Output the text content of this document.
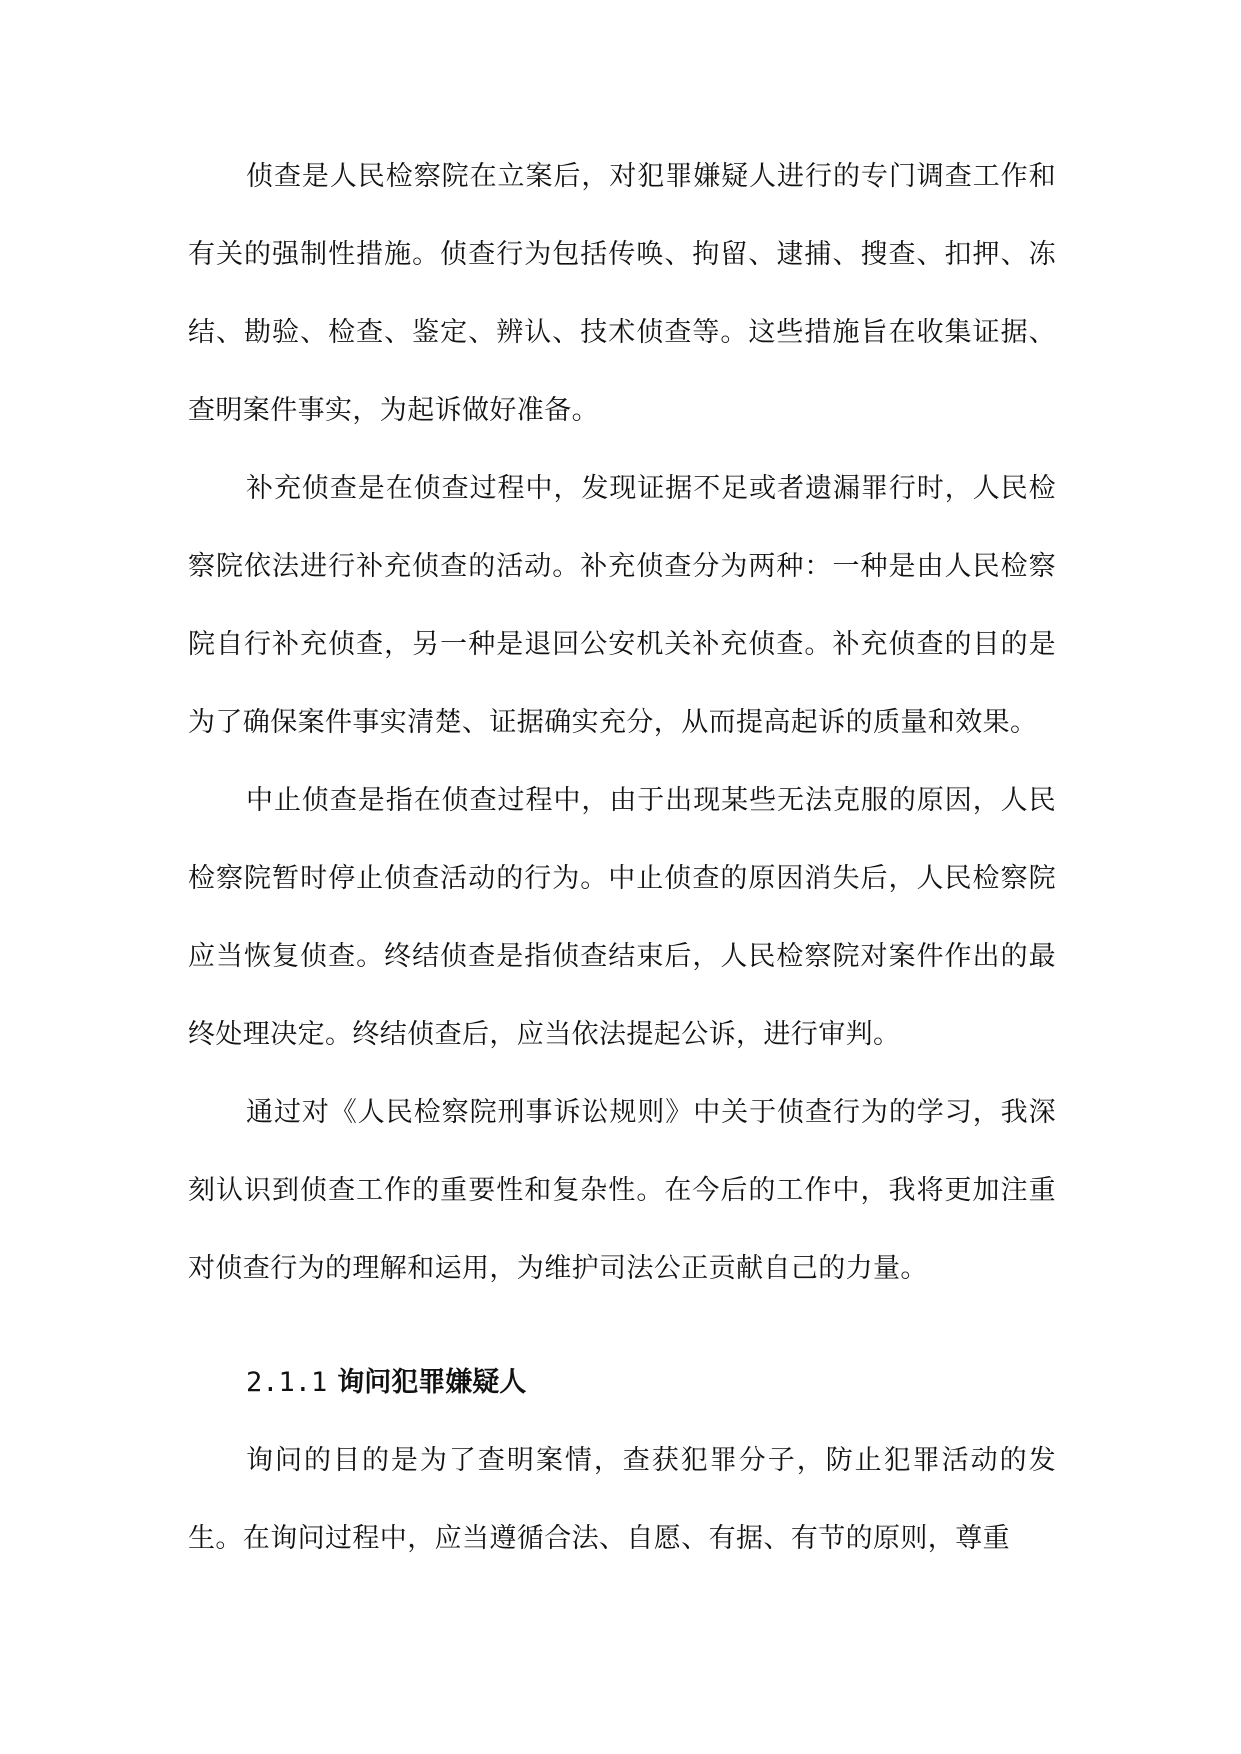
侦查是人民检察院在立案后，对犯罪嫌疑人进行的专门调查工作和有关的强制性措施。侦查行为包括传唤、拘留、逮捕、搜查、扣押、冻结、勘验、检查、鉴定、辨认、技术侦查等。这些措施旨在收集证据、查明案件事实，为起诉做好准备。

补充侦查是在侦查过程中，发现证据不足或者遗漏罪行时，人民检察院依法进行补充侦查的活动。补充侦查分为两种：一种是由人民检察院自行补充侦查，另一种是退回公安机关补充侦查。补充侦查的目的是为了确保案件事实清楚、证据确实充分，从而提高起诉的质量和效果。

中止侦查是指在侦查过程中，由于出现某些无法克服的原因，人民检察院暂时停止侦查活动的行为。中止侦查的原因消失后，人民检察院应当恢复侦查。终结侦查是指侦查结束后，人民检察院对案件作出的最终处理决定。终结侦查后，应当依法提起公诉，进行审判。

通过对《人民检察院刑事诉讼规则》中关于侦查行为的学习，我深刻认识到侦查工作的重要性和复杂性。在今后的工作中，我将更加注重对侦查行为的理解和运用，为维护司法公正贡献自己的力量。

2.1.1 询问犯罪嫌疑人

询问的目的是为了查明案情，查获犯罪分子，防止犯罪活动的发生。在询问过程中，应当遵循合法、自愿、有据、有节的原则，尊重
